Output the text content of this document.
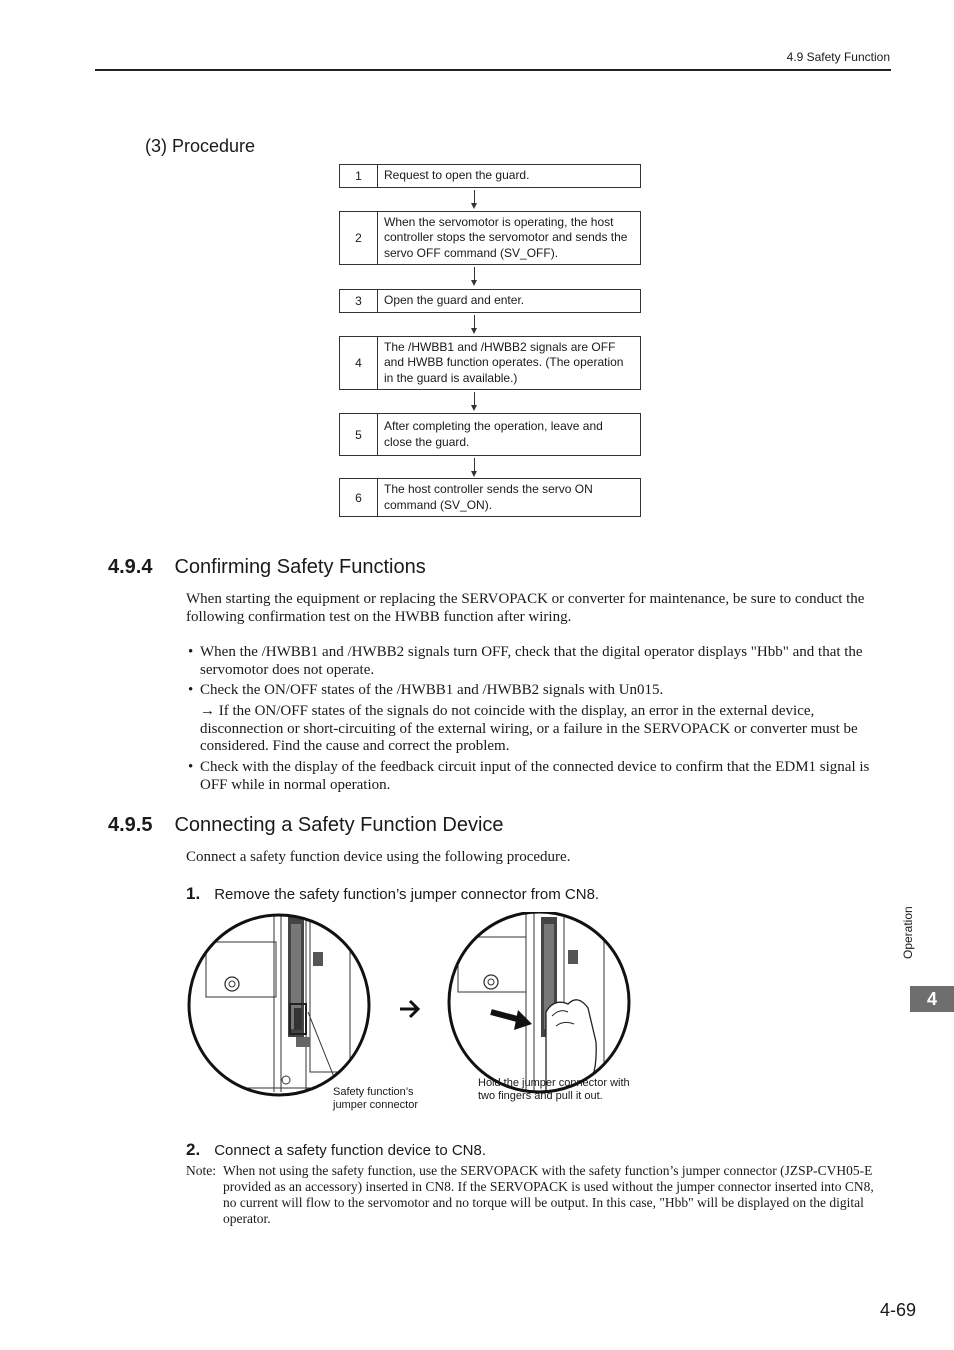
4.9 Safety Function
(3) Procedure
1	Request to open the guard.
2
When the servomotor is operating, the host controller stops the servomotor and sends the servo OFF command (SV_OFF).
3	Open the guard and enter.
4
The /HWBB1 and /HWBB2 signals are OFF and HWBB function operates. (The operation in the guard is available.)
5
After completing the operation, leave and close the guard.
6
The host controller sends the servo ON command (SV_ON).
4.9.4 Confirming Safety Functions
When starting the equipment or replacing the SERVOPACK or converter for maintenance, be sure to conduct the following confirmation test on the HWBB function after wiring.
• When the /HWBB1 and /HWBB2 signals turn OFF, check that the digital operator displays "Hbb" and that the servomotor does not operate.
• Check the ON/OFF states of the /HWBB1 and /HWBB2 signals with Un015.
→ If the ON/OFF states of the signals do not coincide with the display, an error in the external device, disconnection or short-circuiting of the external wiring, or a failure in the SERVOPACK or converter must be considered. Find the cause and correct the problem.
• Check with the display of the feedback circuit input of the connected device to confirm that the EDM1 signal is OFF while in normal operation.
4.9.5 Connecting a Safety Function Device
Connect a safety function device using the following procedure.
1. Remove the safety function’s jumper connector from CN8.
Safety function’s
jumper connector
Hold the jumper connector with
two fingers and pull it out.
2. Connect a safety function device to CN8.
Note: When not using the safety function, use the SERVOPACK with the safety function’s jumper connector (JZSP-CVH05-E provided as an accessory) inserted in CN8. If the SERVOPACK is used without the jumper connector inserted into CN8, no current will flow to the servomotor and no torque will be output. In this case, "Hbb" will be displayed on the digital operator.
Operation
4
4-69
